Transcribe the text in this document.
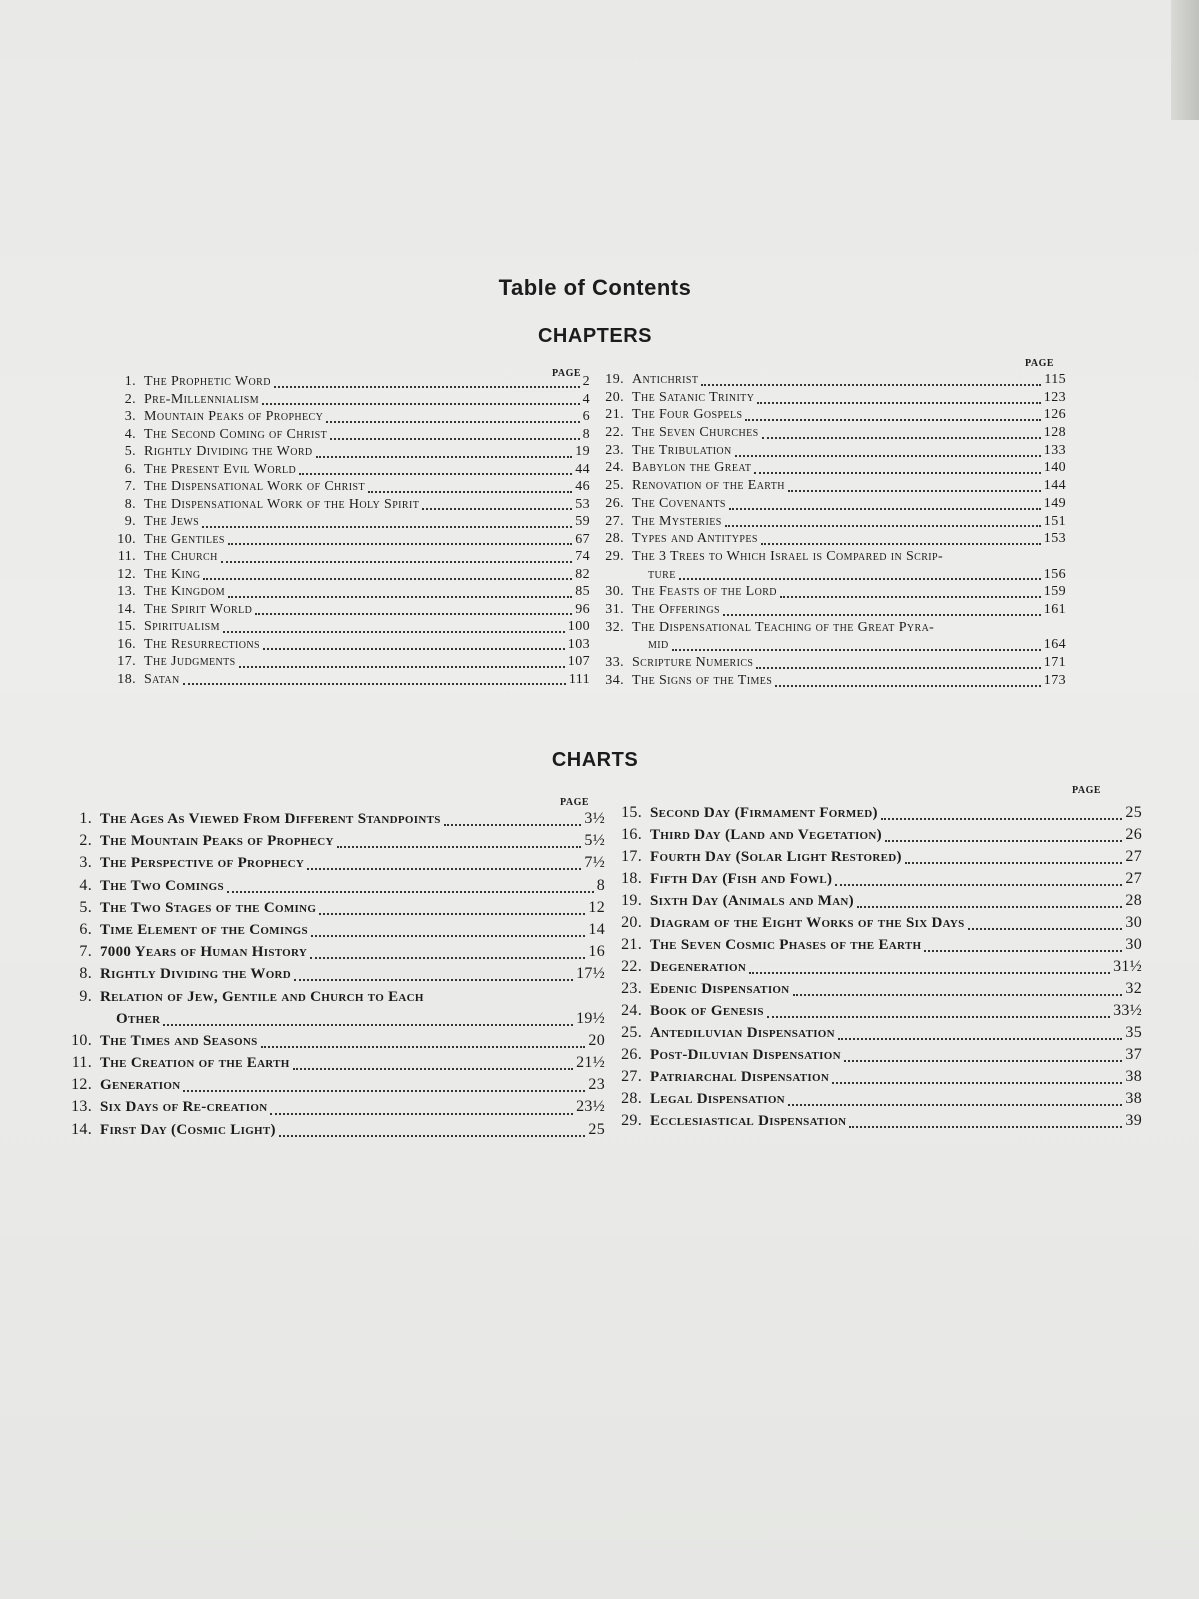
Table of Contents
CHAPTERS
PAGE
PAGE
1. The Prophetic Word	2
2. Pre-Millennialism	4
3. Mountain Peaks of Prophecy	6
4. The Second Coming of Christ	8
5. Rightly Dividing the Word	19
6. The Present Evil World	44
7. The Dispensational Work of Christ	46
8. The Dispensational Work of the Holy Spirit	53
9. The Jews	59
10. The Gentiles	67
11. The Church	74
12. The King	82
13. The Kingdom	85
14. The Spirit World	96
15. Spiritualism	100
16. The Resurrections	103
17. The Judgments	107
18. Satan	111
19. Antichrist	115
20. The Satanic Trinity	123
21. The Four Gospels	126
22. The Seven Churches	128
23. The Tribulation	133
24. Babylon the Great	140
25. Renovation of the Earth	144
26. The Covenants	149
27. The Mysteries	151
28. Types and Antitypes	153
29. The 3 Trees to Which Israel is Compared in Scrip-
ture	156
30. The Feasts of the Lord	159
31. The Offerings	161
32. The Dispensational Teaching of the Great Pyra-
mid	164
33. Scripture Numerics	171
34. The Signs of the Times	173
CHARTS
PAGE
PAGE
1. The Ages As Viewed From Different Standpoints	3½
2. The Mountain Peaks of Prophecy	5½
3. The Perspective of Prophecy	7½
4. The Two Comings	8
5. The Two Stages of the Coming	12
6. Time Element of the Comings	14
7. 7000 Years of Human History	16
8. Rightly Dividing the Word	17½
9. Relation of Jew, Gentile and Church to Each
Other	19½
10. The Times and Seasons	20
11. The Creation of the Earth	21½
12. Generation	23
13. Six Days of Re-creation	23½
14. First Day (Cosmic Light)	25
15. Second Day (Firmament Formed)	25
16. Third Day (Land and Vegetation)	26
17. Fourth Day (Solar Light Restored)	27
18. Fifth Day (Fish and Fowl)	27
19. Sixth Day (Animals and Man)	28
20. Diagram of the Eight Works of the Six Days	30
21. The Seven Cosmic Phases of the Earth	30
22. Degeneration	31½
23. Edenic Dispensation	32
24. Book of Genesis	33½
25. Antediluvian Dispensation	35
26. Post-Diluvian Dispensation	37
27. Patriarchal Dispensation	38
28. Legal Dispensation	38
29. Ecclesiastical Dispensation	39
